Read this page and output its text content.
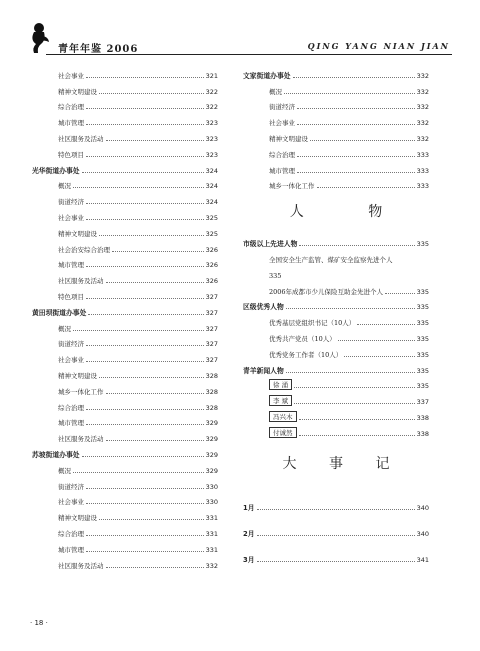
青年年鉴 2006	QING YANG NIAN JIAN
社会事业	321
精神文明建设	322
综合治理	322
城市管理	323
社区服务及活动	323
特色项目	323
光华街道办事处	324
概况	324
街道经济	324
社会事业	325
精神文明建设	325
社会治安综合治理	326
城市管理	326
社区服务及活动	326
特色项目	327
黄田坝街道办事处	327
概况	327
街道经济	327
社会事业	327
精神文明建设	328
城乡一体化工作	328
综合治理	328
城市管理	329
社区服务及活动	329
苏坡街道办事处	329
概况	329
街道经济	330
社会事业	330
精神文明建设	331
综合治理	331
城市管理	331
社区服务及活动	332
文家街道办事处	332
概况	332
街道经济	332
社会事业	332
精神文明建设	332
综合治理	333
城市管理	333
城乡一体化工作	333
人 物
市级以上先进人物	335
全国安全生产监管、煤矿安全监察先进个人
335
2006年成都市少儿保险互助金先进个人	335
区级优秀人物	335
优秀基层党组织书记（10人）	335
优秀共产党员（10人）	335
优秀党务工作者（10人）	335
青羊新闻人物	335
徐 涌	335
李 斌	337
冯兴木	338
付诚然	338
大 事 记
1月	340
2月	340
3月	341
· 18 ·
